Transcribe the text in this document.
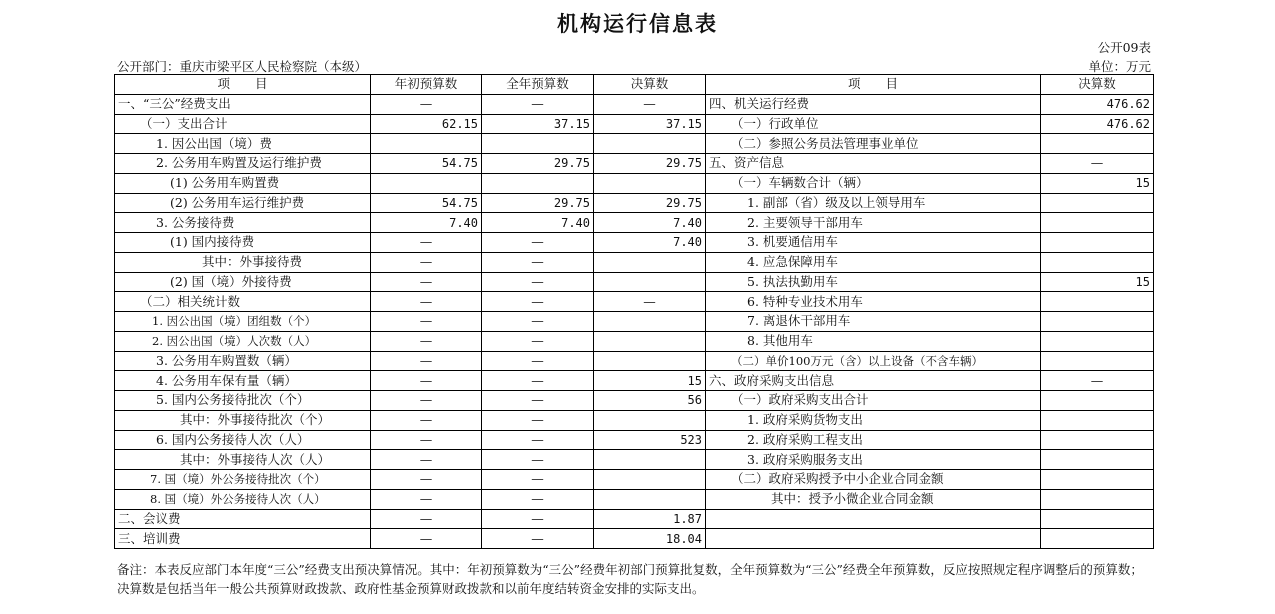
机构运行信息表
公开09表
公开部门：重庆市梁平区人民检察院（本级）	单位：万元
项　　目	年初预算数	全年预算数	决算数	项　　目	决算数
一、“三公”经费支出	—	—	—	四、机关运行经费	476.62
（一）支出合计	62.15	37.15	37.15	（一）行政单位	476.62
1. 因公出国（境）费				（二）参照公务员法管理事业单位	
2. 公务用车购置及运行维护费	54.75	29.75	29.75	五、资产信息	—
(1) 公务用车购置费				（一）车辆数合计（辆）	15
(2) 公务用车运行维护费	54.75	29.75	29.75	1. 副部（省）级及以上领导用车	
3. 公务接待费	7.40	7.40	7.40	2. 主要领导干部用车	
(1) 国内接待费	—	—	7.40	3. 机要通信用车	
其中：外事接待费	—	—		4. 应急保障用车	
(2) 国（境）外接待费	—	—		5. 执法执勤用车	15
（二）相关统计数	—	—	—	6. 特种专业技术用车	
1. 因公出国（境）团组数（个）	—	—		7. 离退休干部用车	
2. 因公出国（境）人次数（人）	—	—		8. 其他用车	
3. 公务用车购置数（辆）	—	—		（二）单价100万元（含）以上设备（不含车辆）	
4. 公务用车保有量（辆）	—	—	15	六、政府采购支出信息	—
5. 国内公务接待批次（个）	—	—	56	（一）政府采购支出合计	
其中：外事接待批次（个）	—	—		1. 政府采购货物支出	
6. 国内公务接待人次（人）	—	—	523	2. 政府采购工程支出	
其中：外事接待人次（人）	—	—		3. 政府采购服务支出	
7. 国（境）外公务接待批次（个）	—	—		（二）政府采购授予中小企业合同金额	
8. 国（境）外公务接待人次（人）	—	—		其中：授予小微企业合同金额	
二、会议费	—	—	1.87		
三、培训费	—	—	18.04		
备注：本表反应部门本年度“三公”经费支出预决算情况。其中：年初预算数为“三公”经费年初部门预算批复数，全年预算数为“三公”经费全年预算数，反应按照规定程序调整后的预算数；决算数是包括当年一般公共预算财政拨款、政府性基金预算财政拨款和以前年度结转资金安排的实际支出。
